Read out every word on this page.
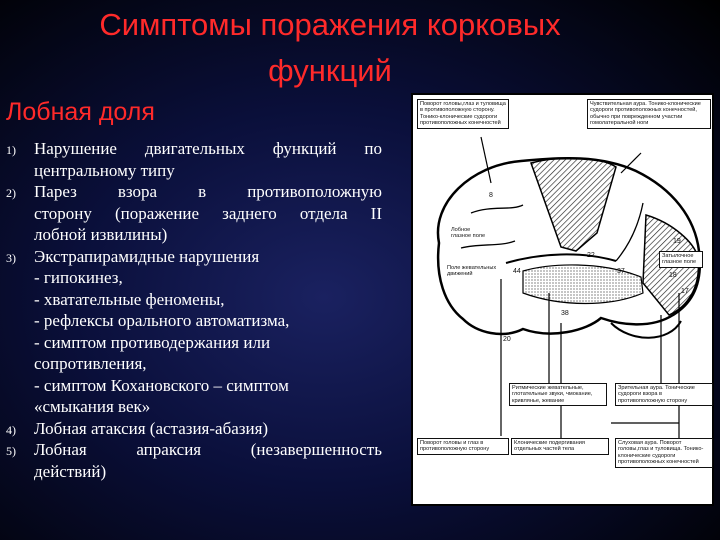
Симптомы поражения корковых
функций
Лобная доля
1) Нарушение двигательных функций по
центральному типу
2) Парез взора в противоположную
сторону (поражение заднего отдела II
лобной извилины)
3) Экстрапирамидные нарушения
- гипокинез,
- хватательные феномены,
- рефлексы орального автоматизма,
- симптом противодержания или
сопротивления,
- симптом Кохановского – симптом
«смыкания век»
4) Лобная атаксия (астазия-абазия)
5) Лобная апраксия (незавершенность
действий)
Поворот головы,глаз и туловища в противоположную сторону. Тонико-клонические судороги противоположных конечностей
Чувствительная аура. Тонико-клонические судороги противоположных конечностей, обычно при поврежденном участии гомолатеральной ноги
Лобное глазное поле
Поле жевательных движений
Затылочное глазное поле
Ритмические жевательные, глотательные звуки, чмокание, кривлянье, жевание
Зрительная аура. Тонические судороги взора в противоположную сторону
Поворот головы и глаз в противоположную сторону
Клонические подергивания отдельных частей тела
Слуховая аура. Поворот головы,глаз и туловища. Тонико-клонические судороги противоположных конечностей
19
17
18
37
20
44
22
38
8
